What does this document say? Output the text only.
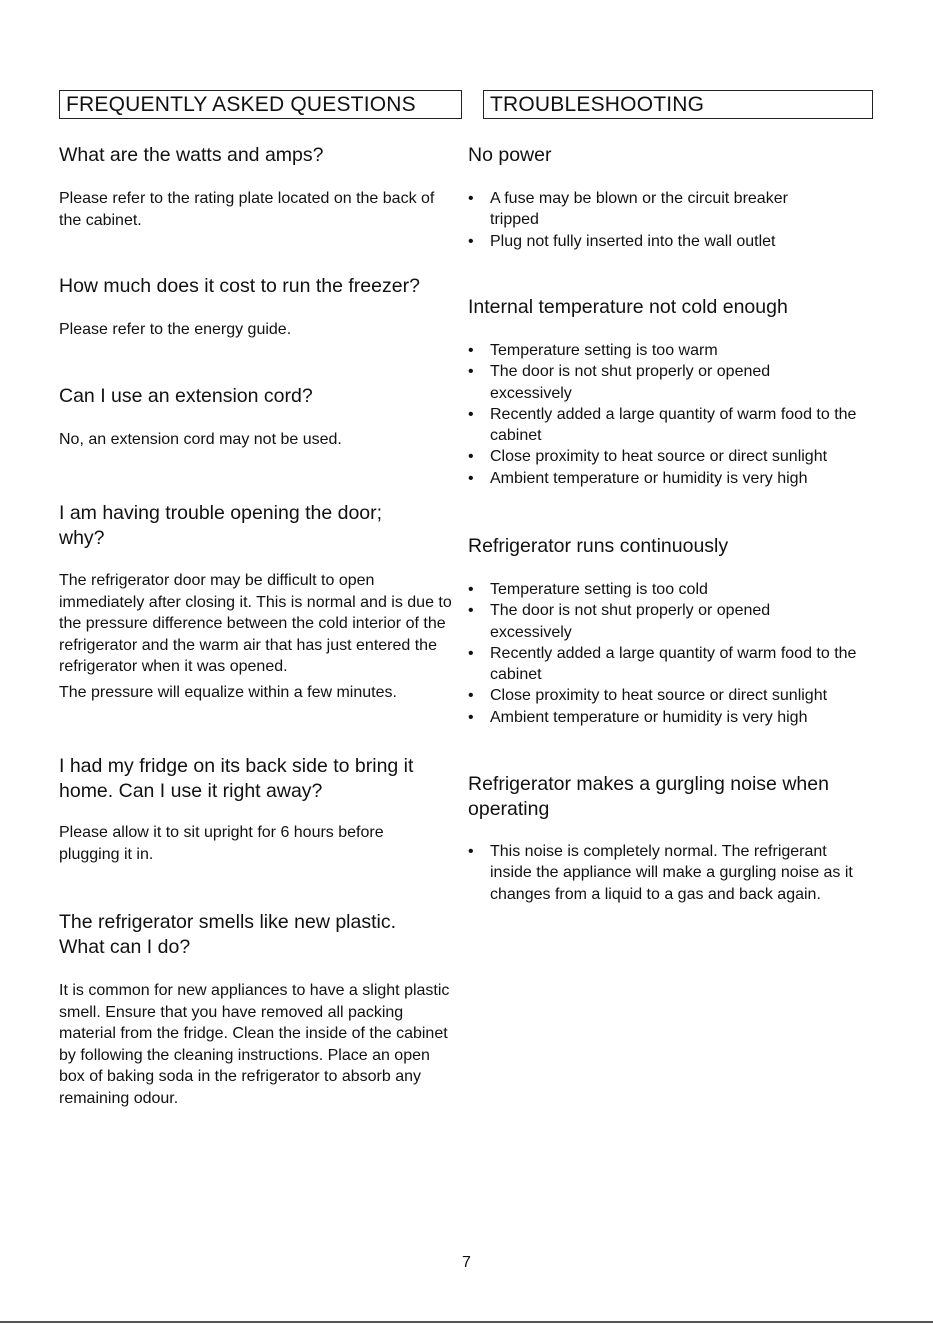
FREQUENTLY ASKED QUESTIONS

What are the watts and amps?

Please refer to the rating plate located on the back of the cabinet.

How much does it cost to run the freezer?

Please refer to the energy guide.

Can I use an extension cord?

No, an extension cord may not be used.

I am having trouble opening the door; why?

The refrigerator door may be difficult to open immediately after closing it. This is normal and is due to the pressure difference between the cold interior of the refrigerator and the warm air that has just entered the refrigerator when it was opened.

The pressure will equalize within a few minutes.

I had my fridge on its back side to bring it home. Can I use it right away?

Please allow it to sit upright for 6 hours before plugging it in.

The refrigerator smells like new plastic. What can I do?

It is common for new appliances to have a slight plastic smell. Ensure that you have removed all packing material from the fridge. Clean the inside of the cabinet by following the cleaning instructions. Place an open box of baking soda in the refrigerator to absorb any remaining odour.

TROUBLESHOOTING

No power

• A fuse may be blown or the circuit breaker tripped
• Plug not fully inserted into the wall outlet

Internal temperature not cold enough

• Temperature setting is too warm
• The door is not shut properly or opened excessively
• Recently added a large quantity of warm food to the cabinet
• Close proximity to heat source or direct sunlight
• Ambient temperature or humidity is very high

Refrigerator runs continuously

• Temperature setting is too cold
• The door is not shut properly or opened excessively
• Recently added a large quantity of warm food to the cabinet
• Close proximity to heat source or direct sunlight
• Ambient temperature or humidity is very high

Refrigerator makes a gurgling noise when operating

• This noise is completely normal. The refrigerant inside the appliance will make a gurgling noise as it changes from a liquid to a gas and back again.
7
